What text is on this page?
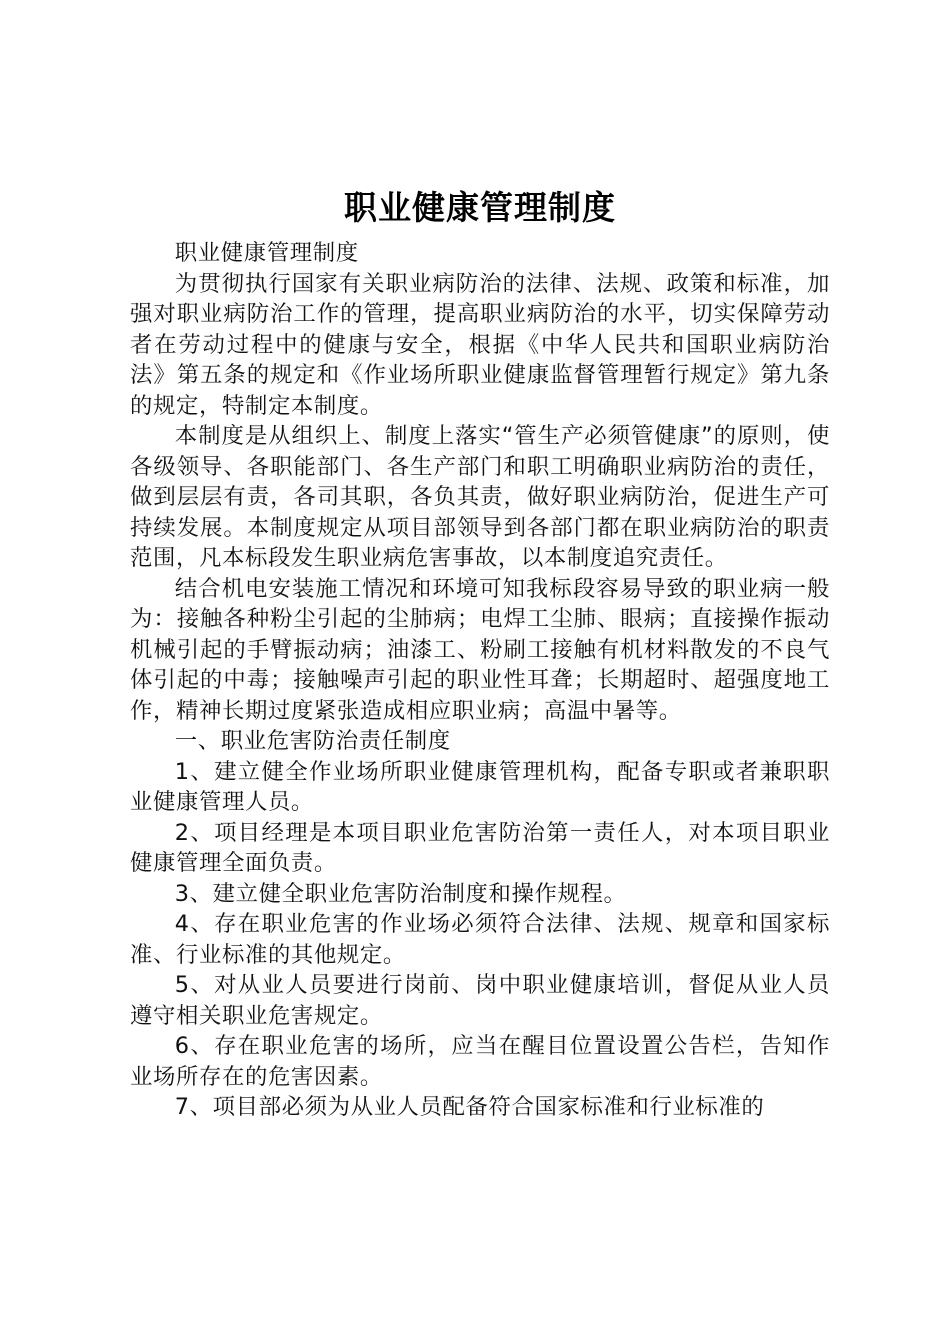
职业健康管理制度

职业健康管理制度

为贯彻执行国家有关职业病防治的法律、法规、政策和标准，加强对职业病防治工作的管理，提高职业病防治的水平，切实保障劳动者在劳动过程中的健康与安全，根据《中华人民共和国职业病防治法》第五条的规定和《作业场所职业健康监督管理暂行规定》第九条的规定，特制定本制度。

本制度是从组织上、制度上落实“管生产必须管健康”的原则，使各级领导、各职能部门、各生产部门和职工明确职业病防治的责任，做到层层有责，各司其职，各负其责，做好职业病防治，促进生产可持续发展。本制度规定从项目部领导到各部门都在职业病防治的职责范围，凡本标段发生职业病危害事故，以本制度追究责任。

结合机电安装施工情况和环境可知我标段容易导致的职业病一般为：接触各种粉尘引起的尘肺病；电焊工尘肺、眼病；直接操作振动机械引起的手臂振动病；油漆工、粉刷工接触有机材料散发的不良气体引起的中毒；接触噪声引起的职业性耳聋；长期超时、超强度地工作，精神长期过度紧张造成相应职业病；高温中暑等。

一、职业危害防治责任制度

1、建立健全作业场所职业健康管理机构，配备专职或者兼职职业健康管理人员。

2、项目经理是本项目职业危害防治第一责任人，对本项目职业健康管理全面负责。

3、建立健全职业危害防治制度和操作规程。

4、存在职业危害的作业场必须符合法律、法规、规章和国家标准、行业标准的其他规定。

5、对从业人员要进行岗前、岗中职业健康培训，督促从业人员遵守相关职业危害规定。

6、存在职业危害的场所，应当在醒目位置设置公告栏，告知作业场所存在的危害因素。

7、项目部必须为从业人员配备符合国家标准和行业标准的
